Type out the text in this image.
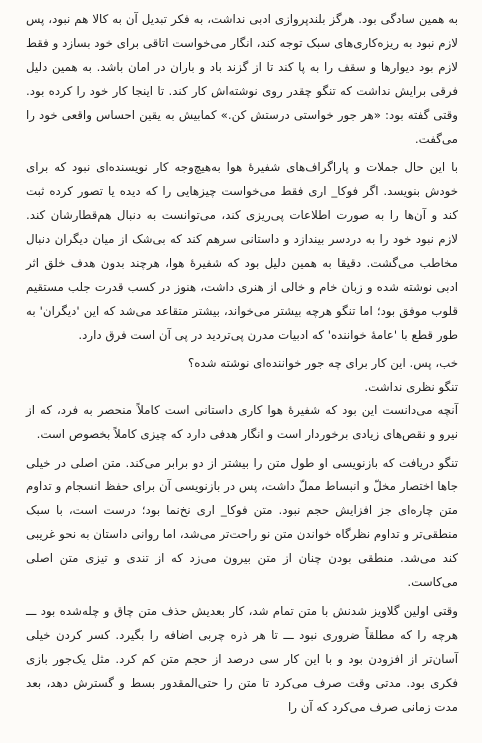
به همین سادگی بود. هرگز بلندپروازی ادبی نداشت، به فکر تبدیل آن به کالا هم نبود، پس لازم نبود به ریزه‌کاری‌های سبک توجه کند، انگار می‌خواست اتاقی برای خود بسازد و فقط لازم بود دیوارها و سقف را به پا کند تا از گزند باد و باران در امان باشد. به همین دلیل فرقی برایش نداشت که تنگو چقدر روی نوشته‌اش کار کند. تا اینجا کار خود را کرده بود. وقتی گفته بود: «هر جور خواستی درستش کن.» کمابیش به یقین احساس واقعی خود را می‌گفت.

با این حال جملات و پاراگراف‌های شفیرهٔ هوا به‌هیچ‌وجه کار نویسنده‌ای نبود که برای خودش بنویسد. اگر فوکا_ اری فقط می‌خواست چیزهایی را که دیده یا تصور کرده ثبت کند و آن‌ها را به صورت اطلاعات پی‌ریزی کند، می‌توانست به دنبال هم‌قطارشان کند. لازم نبود خود را به دردسر بیندازد و داستانی سرهم کند که بی‌شک از میان دیگران دنبال مخاطب می‌گشت. دقیقا به همین دلیل بود که شفیرهٔ هوا، هرچند بدون هدف خلق اثر ادبی نوشته شده و زبان خام و خالی از هنری داشت، هنوز در کسب قدرت جلب مستقیم قلوب موفق بود؛ اما تنگو هرچه بیشتر می‌خواند، بیشتر متقاعد می‌شد که این 'دیگران' به طور قطع با 'عامهٔ خواننده' که ادبیات مدرن پی‌تردید در پی آن است فرق دارد.

خب، پس. این کار برای چه جور خواننده‌ای نوشته شده؟

تنگو نظری نداشت.

آنچه می‌دانست این بود که شفیرهٔ هوا کاری داستانی است کاملاً منحصر به فرد، که از نیرو و نقص‌های زیادی برخوردار است و انگار هدفی دارد که چیزی کاملاً بخصوص است.

تنگو دریافت که بازنویسی او طول متن را بیشتر از دو برابر می‌کند. متن اصلی در خیلی جاها اختصار مخلّ و انبساط مملّ داشت، پس در بازنویسی آن برای حفظ انسجام و تداوم متن چاره‌ای جز افزایش حجم نبود. متن فوکا_ اری نخ‌نما بود؛ درست است، با سبک منطقی‌تر و تداوم نظرگاه خواندن متن نو راحت‌تر می‌شد، اما روانی داستان به نحو غریبی کند می‌شد. منطقی بودن چنان از متن بیرون می‌زد که از تندی و تیزی متن اصلی می‌کاست.

وقتی اولین گلاویز شدنش با متن تمام شد، کار بعدیش حذف متن چاق و چله‌شده بود ـــ هرچه را که مطلقاً ضروری نبود ـــ تا هر ذره چربی اضافه را بگیرد. کسر کردن خیلی آسان‌تر از افزودن بود و با این کار سی درصد از حجم متن کم کرد. مثل یک‌جور بازی فکری بود. مدتی وقت صرف می‌کرد تا متن را حتی‌المقدور بسط و گسترش دهد، بعد مدت زمانی صرف می‌کرد که آن را
